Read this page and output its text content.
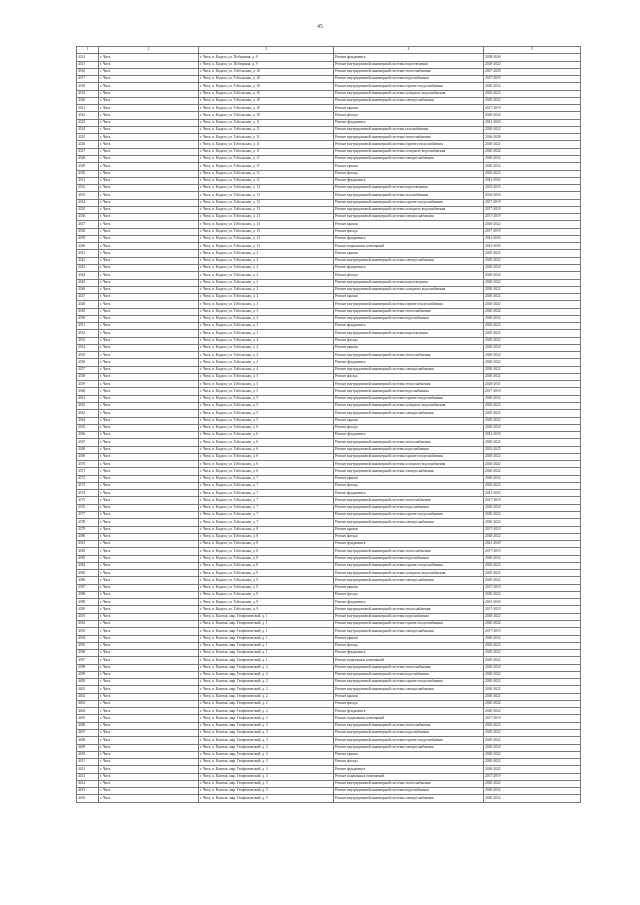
45
1	2	3	4	5
4314	г. Чита	г. Чита, п. Кадала, ул. Побединая, д. 9	Ремонт фундамента	2038-2040
4315	г. Чита	г. Чита, п. Кадала, ул. Побединая, д. 9	Ремонт внутридомовой инженерной системы водоотведения	2020-2022
4316	г. Чита	г. Чита, п. Кадала, ул. Тобольская, д. 10	Ремонт внутридомовой инженерной системы теплоснабжения	2027-2029
4317	г. Чита	г. Чита, п. Кадала, ул. Тобольская, д. 10	Ремонт внутридомовой инженерной системы водоснабжения	2027-2029
4318	г. Чита	г. Чита, п. Кадала, ул. Тобольская, д. 10	Ремонт внутридомовой инженерной системы горячего водоснабжения	2020-2022
4319	г. Чита	г. Чита, п. Кадала, ул. Тобольская, д. 10	Ремонт внутридомовой инженерной системы холодного водоснабжения	2020-2022
4320	г. Чита	г. Чита, п. Кадала, ул. Тобольская, д. 10	Ремонт внутридомовой инженерной системы электроснабжения	2020-2022
4321	г. Чита	г. Чита, п. Кадала, ул. Тобольская, д. 10	Ремонт крыши	2017-2019
4322	г. Чита	г. Чита, п. Кадала, ул. Тобольская, д. 10	Ремонт фасада	2020-2022
4323	г. Чита	г. Чита, п. Кадала, ул. Тобольская, д. 11	Ремонт фундамента	2041-2043
4324	г. Чита	г. Чита, п. Кадала, ул. Тобольская, д. 11	Ремонт внутридомовой инженерной системы газоснабжения	2020-2022
4325	г. Чита	г. Чита, п. Кадала, ул. Тобольская, д. 11	Ремонт внутридомовой инженерной системы теплоснабжения	2026-2028
4326	г. Чита	г. Чита, п. Кадала, ул. Тобольская, д. 11	Ремонт внутридомовой инженерной системы горячего водоснабжения	2020-2022
4327	г. Чита	г. Чита, п. Кадала, ул. Тобольская, д. 11	Ремонт внутридомовой инженерной системы холодного водоснабжения	2020-2022
4328	г. Чита	г. Чита, п. Кадала, ул. Тобольская, д. 11	Ремонт внутридомовой инженерной системы электроснабжения	2020-2022
4329	г. Чита	г. Чита, п. Кадала, ул. Тобольская, д. 11	Ремонт крыши	2020-2022
4330	г. Чита	г. Чита, п. Кадала, ул. Тобольская, д. 11	Ремонт фасада	2020-2022
4331	г. Чита	г. Чита, п. Кадала, ул. Тобольская, д. 11	Ремонт фундамента	2041-2043
4332	г. Чита	г. Чита, п. Кадала, ул. Тобольская, д. 13	Ремонт внутридомовой инженерной системы водоотведения	2023-2025
4333	г. Чита	г. Чита, п. Кадала, ул. Тобольская, д. 13	Ремонт внутридомовой инженерной системы газоснабжения	2032-2034
4334	г. Чита	г. Чита, п. Кадала, ул. Тобольская, д. 13	Ремонт внутридомовой инженерной системы горячего водоснабжения	2017-2019
4335	г. Чита	г. Чита, п. Кадала, ул. Тобольская, д. 13	Ремонт внутридомовой инженерной системы холодного водоснабжения	2017-2019
4336	г. Чита	г. Чита, п. Кадала, ул. Тобольская, д. 13	Ремонт внутридомовой инженерной системы электроснабжения	2017-2019
4337	г. Чита	г. Чита, п. Кадала, ул. Тобольская, д. 13	Ремонт крыши	2020-2022
4338	г. Чита	г. Чита, п. Кадала, ул. Тобольская, д. 13	Ремонт фасада	2017-2019
4339	г. Чита	г. Чита, п. Кадала, ул. Тобольская, д. 13	Ремонт фундамента	2041-2043
4340	г. Чита	г. Чита, п. Кадала, ул. Тобольская, д. 13	Ремонт подвальных помещений	2041-2043
4341	г. Чита	г. Чита, п. Кадала, ул. Тобольская, д. 2	Ремонт крыши	2020-2022
4342	г. Чита	г. Чита, п. Кадала, ул. Тобольская, д. 2	Ремонт внутридомовой инженерной системы электроснабжения	2020-2022
4343	г. Чита	г. Чита, п. Кадала, ул. Тобольская, д. 2	Ремонт фундамента	2020-2022
4344	г. Чита	г. Чита, п. Кадала, ул. Тобольская, д. 2	Ремонт фасада	2020-2022
4345	г. Чита	г. Чита, п. Кадала, ул. Тобольская, д. 2	Ремонт внутридомовой инженерной системы водоотведения	2020-2022
4346	г. Чита	г. Чита, п. Кадала, ул. Тобольская, д. 2	Ремонт внутридомовой инженерной системы холодного водоснабжения	2020-2022
4347	г. Чита	г. Чита, п. Кадала, ул. Тобольская, д. 3	Ремонт крыши	2020-2022
4348	г. Чита	г. Чита, п. Кадала, ул. Тобольская, д. 3	Ремонт внутридомовой инженерной системы горячего водоснабжения	2020-2022
4349	г. Чита	г. Чита, п. Кадала, ул. Тобольская, д. 3	Ремонт внутридомовой инженерной системы теплоснабжения	2020-2022
4350	г. Чита	г. Чита, п. Кадала, ул. Тобольская, д. 3	Ремонт внутридомовой инженерной системы водоснабжения	2020-2022
4351	г. Чита	г. Чита, п. Кадала, ул. Тобольская, д. 3	Ремонт фундамента	2020-2022
4352	г. Чита	г. Чита, п. Кадала, ул. Тобольская, д. 3	Ремонт внутридомовой инженерной системы водоотведения	2020-2022
4353	г. Чита	г. Чита, п. Кадала, ул. Тобольская, д. 4	Ремонт фасада	2020-2022
4354	г. Чита	г. Чита, п. Кадала, ул. Тобольская, д. 4	Ремонт крыши	2020-2022
4355	г. Чита	г. Чита, п. Кадала, ул. Тобольская, д. 4	Ремонт внутридомовой инженерной системы теплоснабжения	2020-2022
4356	г. Чита	г. Чита, п. Кадала, ул. Тобольская, д. 4	Ремонт фундамента	2020-2022
4357	г. Чита	г. Чита, п. Кадала, ул. Тобольская, д. 4	Ремонт внутридомовой инженерной системы электроснабжения	2020-2022
4358	г. Чита	г. Чита, п. Кадала, ул. Тобольская, д. 5	Ремонт фасада	2020-2022
4359	г. Чита	г. Чита, п. Кадала, ул. Тобольская, д. 5	Ремонт внутридомовой инженерной системы теплоснабжения	2029-2031
4360	г. Чита	г. Чита, п. Кадала, ул. Тобольская, д. 5	Ремонт внутридомовой инженерной системы водоснабжения	2017-2019
4361	г. Чита	г. Чита, п. Кадала, ул. Тобольская, д. 5	Ремонт внутридомовой инженерной системы горячего водоснабжения	2020-2022
4362	г. Чита	г. Чита, п. Кадала, ул. Тобольская, д. 5	Ремонт внутридомовой инженерной системы холодного водоснабжения	2020-2022
4363	г. Чита	г. Чита, п. Кадала, ул. Тобольская, д. 5	Ремонт внутридомовой инженерной системы электроснабжения	2020-2022
4364	г. Чита	г. Чита, п. Кадала, ул. Тобольская, д. 5	Ремонт крыши	2020-2022
4365	г. Чита	г. Чита, п. Кадала, ул. Тобольская, д. 6	Ремонт фасада	2020-2022
4366	г. Чита	г. Чита, п. Кадала, ул. Тобольская, д. 6	Ремонт фундамента	2041-2043
4367	г. Чита	г. Чита, п. Кадала, ул. Тобольская, д. 6	Ремонт внутридомовой инженерной системы теплоснабжения	2020-2022
4368	г. Чита	г. Чита, п. Кадала, ул. Тобольская, д. 6	Ремонт внутридомовой инженерной системы водоснабжения	2023-2025
4369	г. Чита	г. Чита, п. Кадала, ул. Тобольская, д. 6	Ремонт внутридомовой инженерной системы горячего водоснабжения	2020-2022
4370	г. Чита	г. Чита, п. Кадала, ул. Тобольская, д. 6	Ремонт внутридомовой инженерной системы холодного водоснабжения	2020-2022
4371	г. Чита	г. Чита, п. Кадала, ул. Тобольская, д. 6	Ремонт внутридомовой инженерной системы электроснабжения	2020-2022
4372	г. Чита	г. Чита, п. Кадала, ул. Тобольская, д. 7	Ремонт крыши	2020-2022
4373	г. Чита	г. Чита, п. Кадала, ул. Тобольская, д. 7	Ремонт фасада	2020-2022
4374	г. Чита	г. Чита, п. Кадала, ул. Тобольская, д. 7	Ремонт фундамента	2041-2043
4375	г. Чита	г. Чита, п. Кадала, ул. Тобольская, д. 7	Ремонт внутридомовой инженерной системы теплоснабжения	2017-2019
4376	г. Чита	г. Чита, п. Кадала, ул. Тобольская, д. 7	Ремонт внутридомовой инженерной системы водоснабжения	2020-2022
4377	г. Чита	г. Чита, п. Кадала, ул. Тобольская, д. 7	Ремонт внутридомовой инженерной системы горячего водоснабжения	2020-2022
4378	г. Чита	г. Чита, п. Кадала, ул. Тобольская, д. 7	Ремонт внутридомовой инженерной системы электроснабжения	2020-2022
4379	г. Чита	г. Чита, п. Кадала, ул. Тобольская, д. 8	Ремонт крыши	2017-2019
4380	г. Чита	г. Чита, п. Кадала, ул. Тобольская, д. 8	Ремонт фасада	2020-2022
4381	г. Чита	г. Чита, п. Кадала, ул. Тобольская, д. 8	Ремонт фундамента	2041-2043
4382	г. Чита	г. Чита, п. Кадала, ул. Тобольская, д. 8	Ремонт внутридомовой инженерной системы теплоснабжения	2017-2019
4383	г. Чита	г. Чита, п. Кадала, ул. Тобольская, д. 8	Ремонт внутридомовой инженерной системы водоснабжения	2020-2022
4384	г. Чита	г. Чита, п. Кадала, ул. Тобольская, д. 8	Ремонт внутридомовой инженерной системы горячего водоснабжения	2020-2022
4385	г. Чита	г. Чита, п. Кадала, ул. Тобольская, д. 9	Ремонт внутридомовой инженерной системы холодного водоснабжения	2020-2022
4386	г. Чита	г. Чита, п. Кадала, ул. Тобольская, д. 9	Ремонт внутридомовой инженерной системы электроснабжения	2020-2022
4387	г. Чита	г. Чита, п. Кадала, ул. Тобольская, д. 9	Ремонт крыши	2017-2019
4388	г. Чита	г. Чита, п. Кадала, ул. Тобольская, д. 9	Ремонт фасада	2020-2022
4389	г. Чита	г. Чита, п. Кадала, ул. Тобольская, д. 9	Ремонт фундамента	2041-2043
4390	г. Чита	г. Чита, п. Кадала, ул. Тобольская, д. 9	Ремонт внутридомовой инженерной системы теплоснабжения	2017-2019
4391	г. Чита	г. Чита, п. Каштак, мкр. Геофизический, д. 1	Ремонт внутридомовой инженерной системы водоснабжения	2020-2022
4392	г. Чита	г. Чита, п. Каштак, мкр. Геофизический, д. 1	Ремонт внутридомовой инженерной системы горячего водоснабжения	2020-2022
4393	г. Чита	г. Чита, п. Каштак, мкр. Геофизический, д. 1	Ремонт внутридомовой инженерной системы электроснабжения	2017-2019
4394	г. Чита	г. Чита, п. Каштак, мкр. Геофизический, д. 1	Ремонт крыши	2020-2022
4395	г. Чита	г. Чита, п. Каштак, мкр. Геофизический, д. 1	Ремонт фасада	2020-2022
4396	г. Чита	г. Чита, п. Каштак, мкр. Геофизический, д. 1	Ремонт фундамента	2020-2022
4397	г. Чита	г. Чита, п. Каштак, мкр. Геофизический, д. 1	Ремонт подвальных помещений	2020-2022
4398	г. Чита	г. Чита, п. Каштак, мкр. Геофизический, д. 2	Ремонт внутридомовой инженерной системы теплоснабжения	2020-2022
4399	г. Чита	г. Чита, п. Каштак, мкр. Геофизический, д. 2	Ремонт внутридомовой инженерной системы водоснабжения	2020-2022
4400	г. Чита	г. Чита, п. Каштак, мкр. Геофизический, д. 2	Ремонт внутридомовой инженерной системы горячего водоснабжения	2020-2022
4401	г. Чита	г. Чита, п. Каштак, мкр. Геофизический, д. 2	Ремонт внутридомовой инженерной системы электроснабжения	2020-2022
4402	г. Чита	г. Чита, п. Каштак, мкр. Геофизический, д. 2	Ремонт крыши	2020-2022
4403	г. Чита	г. Чита, п. Каштак, мкр. Геофизический, д. 2	Ремонт фасада	2020-2022
4404	г. Чита	г. Чита, п. Каштак, мкр. Геофизический, д. 2	Ремонт фундамента	2020-2022
4405	г. Чита	г. Чита, п. Каштак, мкр. Геофизический, д. 2	Ремонт подвальных помещений	2017-2019
4406	г. Чита	г. Чита, п. Каштак, мкр. Геофизический, д. 3	Ремонт внутридомовой инженерной системы теплоснабжения	2020-2022
4407	г. Чита	г. Чита, п. Каштак, мкр. Геофизический, д. 3	Ремонт внутридомовой инженерной системы водоснабжения	2020-2022
4408	г. Чита	г. Чита, п. Каштак, мкр. Геофизический, д. 3	Ремонт внутридомовой инженерной системы горячего водоснабжения	2020-2022
4409	г. Чита	г. Чита, п. Каштак, мкр. Геофизический, д. 3	Ремонт внутридомовой инженерной системы электроснабжения	2020-2022
4410	г. Чита	г. Чита, п. Каштак, мкр. Геофизический, д. 3	Ремонт крыши	2020-2022
4411	г. Чита	г. Чита, п. Каштак, мкр. Геофизический, д. 3	Ремонт фасада	2020-2022
4412	г. Чита	г. Чита, п. Каштак, мкр. Геофизический, д. 3	Ремонт фундамента	2020-2022
4413	г. Чита	г. Чита, п. Каштак, мкр. Геофизический, д. 3	Ремонт подвальных помещений	2017-2019
4414	г. Чита	г. Чита, п. Каштак, мкр. Геофизический, д. 5	Ремонт внутридомовой инженерной системы теплоснабжения	2020-2022
4415	г. Чита	г. Чита, п. Каштак, мкр. Геофизический, д. 5	Ремонт внутридомовой инженерной системы водоснабжения	2020-2022
4416	г. Чита	г. Чита, п. Каштак, мкр. Геофизический, д. 5	Ремонт внутридомовой инженерной системы электроснабжения	2020-2022
